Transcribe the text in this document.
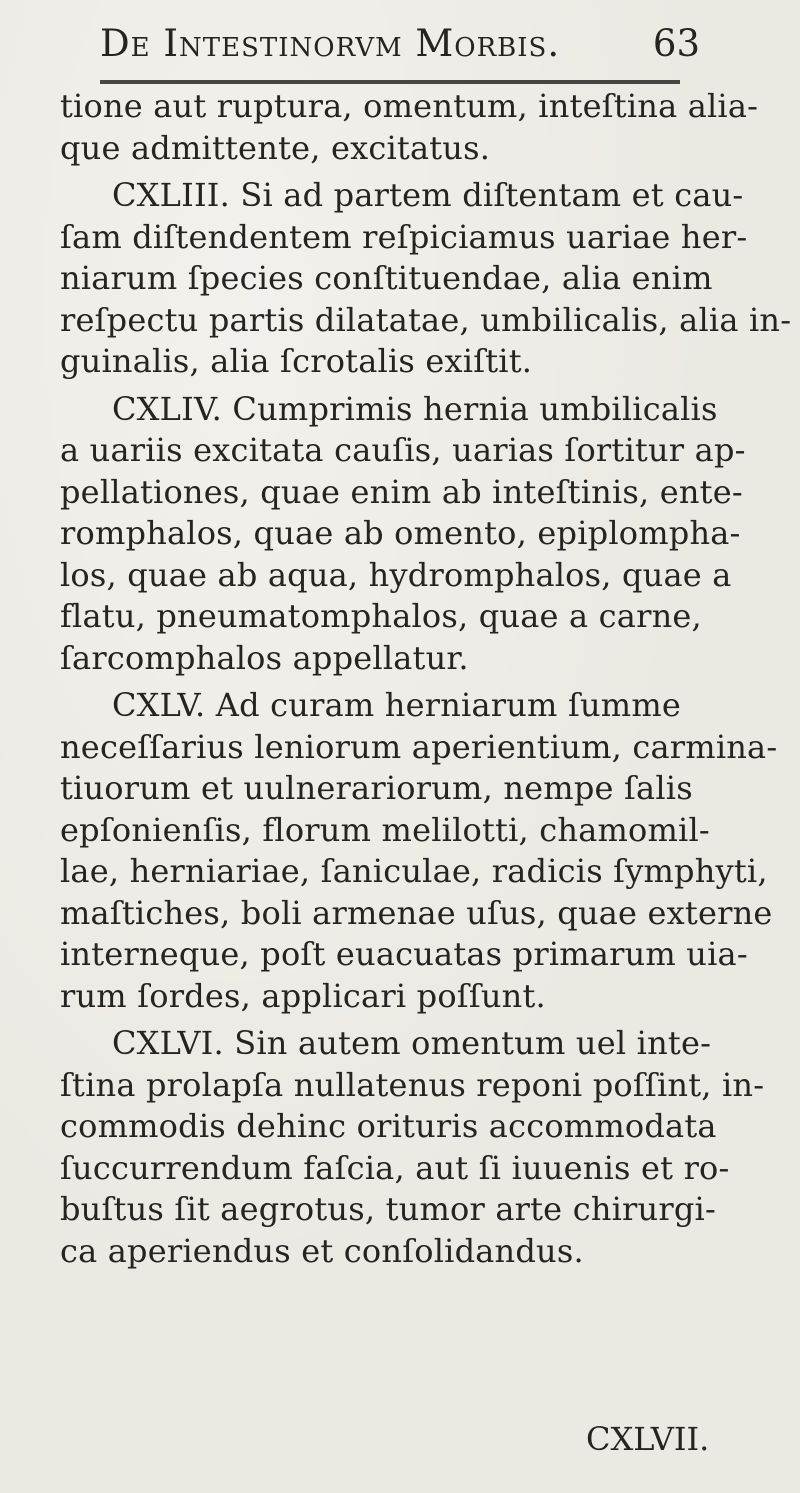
De Intestinorvm Morbis.	63
tione aut ruptura, omentum, inteſtina alia-
que admittente, excitatus.
CXLIII. Si ad partem diſtentam et cau-
ſam diſtendentem reſpiciamus uariae her-
niarum ſpecies conſtituendae, alia enim
reſpectu partis dilatatae, umbilicalis, alia in-
guinalis, alia ſcrotalis exiſtit.
CXLIV. Cumprimis hernia umbilicalis
a uariis excitata cauſis, uarias ſortitur ap-
pellationes, quae enim ab inteſtinis, ente-
romphalos, quae ab omento, epiplompha-
los, quae ab aqua, hydromphalos, quae a
flatu, pneumatomphalos, quae a carne,
ſarcomphalos appellatur.
CXLV. Ad curam herniarum ſumme
neceſſarius leniorum aperientium, carmina-
tiuorum et uulnerariorum, nempe ſalis
epſonienſis, florum melilotti, chamomil-
lae, herniariae, ſaniculae, radicis ſymphyti,
maſtiches, boli armenae uſus, quae externe
interneque, poſt euacuatas primarum uia-
rum ſordes, applicari poſſunt.
CXLVI. Sin autem omentum uel inte-
ſtina prolapſa nullatenus reponi poſſint, in-
commodis dehinc orituris accommodata
ſuccurrendum faſcia, aut ſi iuuenis et ro-
buſtus ſit aegrotus, tumor arte chirurgi-
ca aperiendus et conſolidandus.
CXLVII.
